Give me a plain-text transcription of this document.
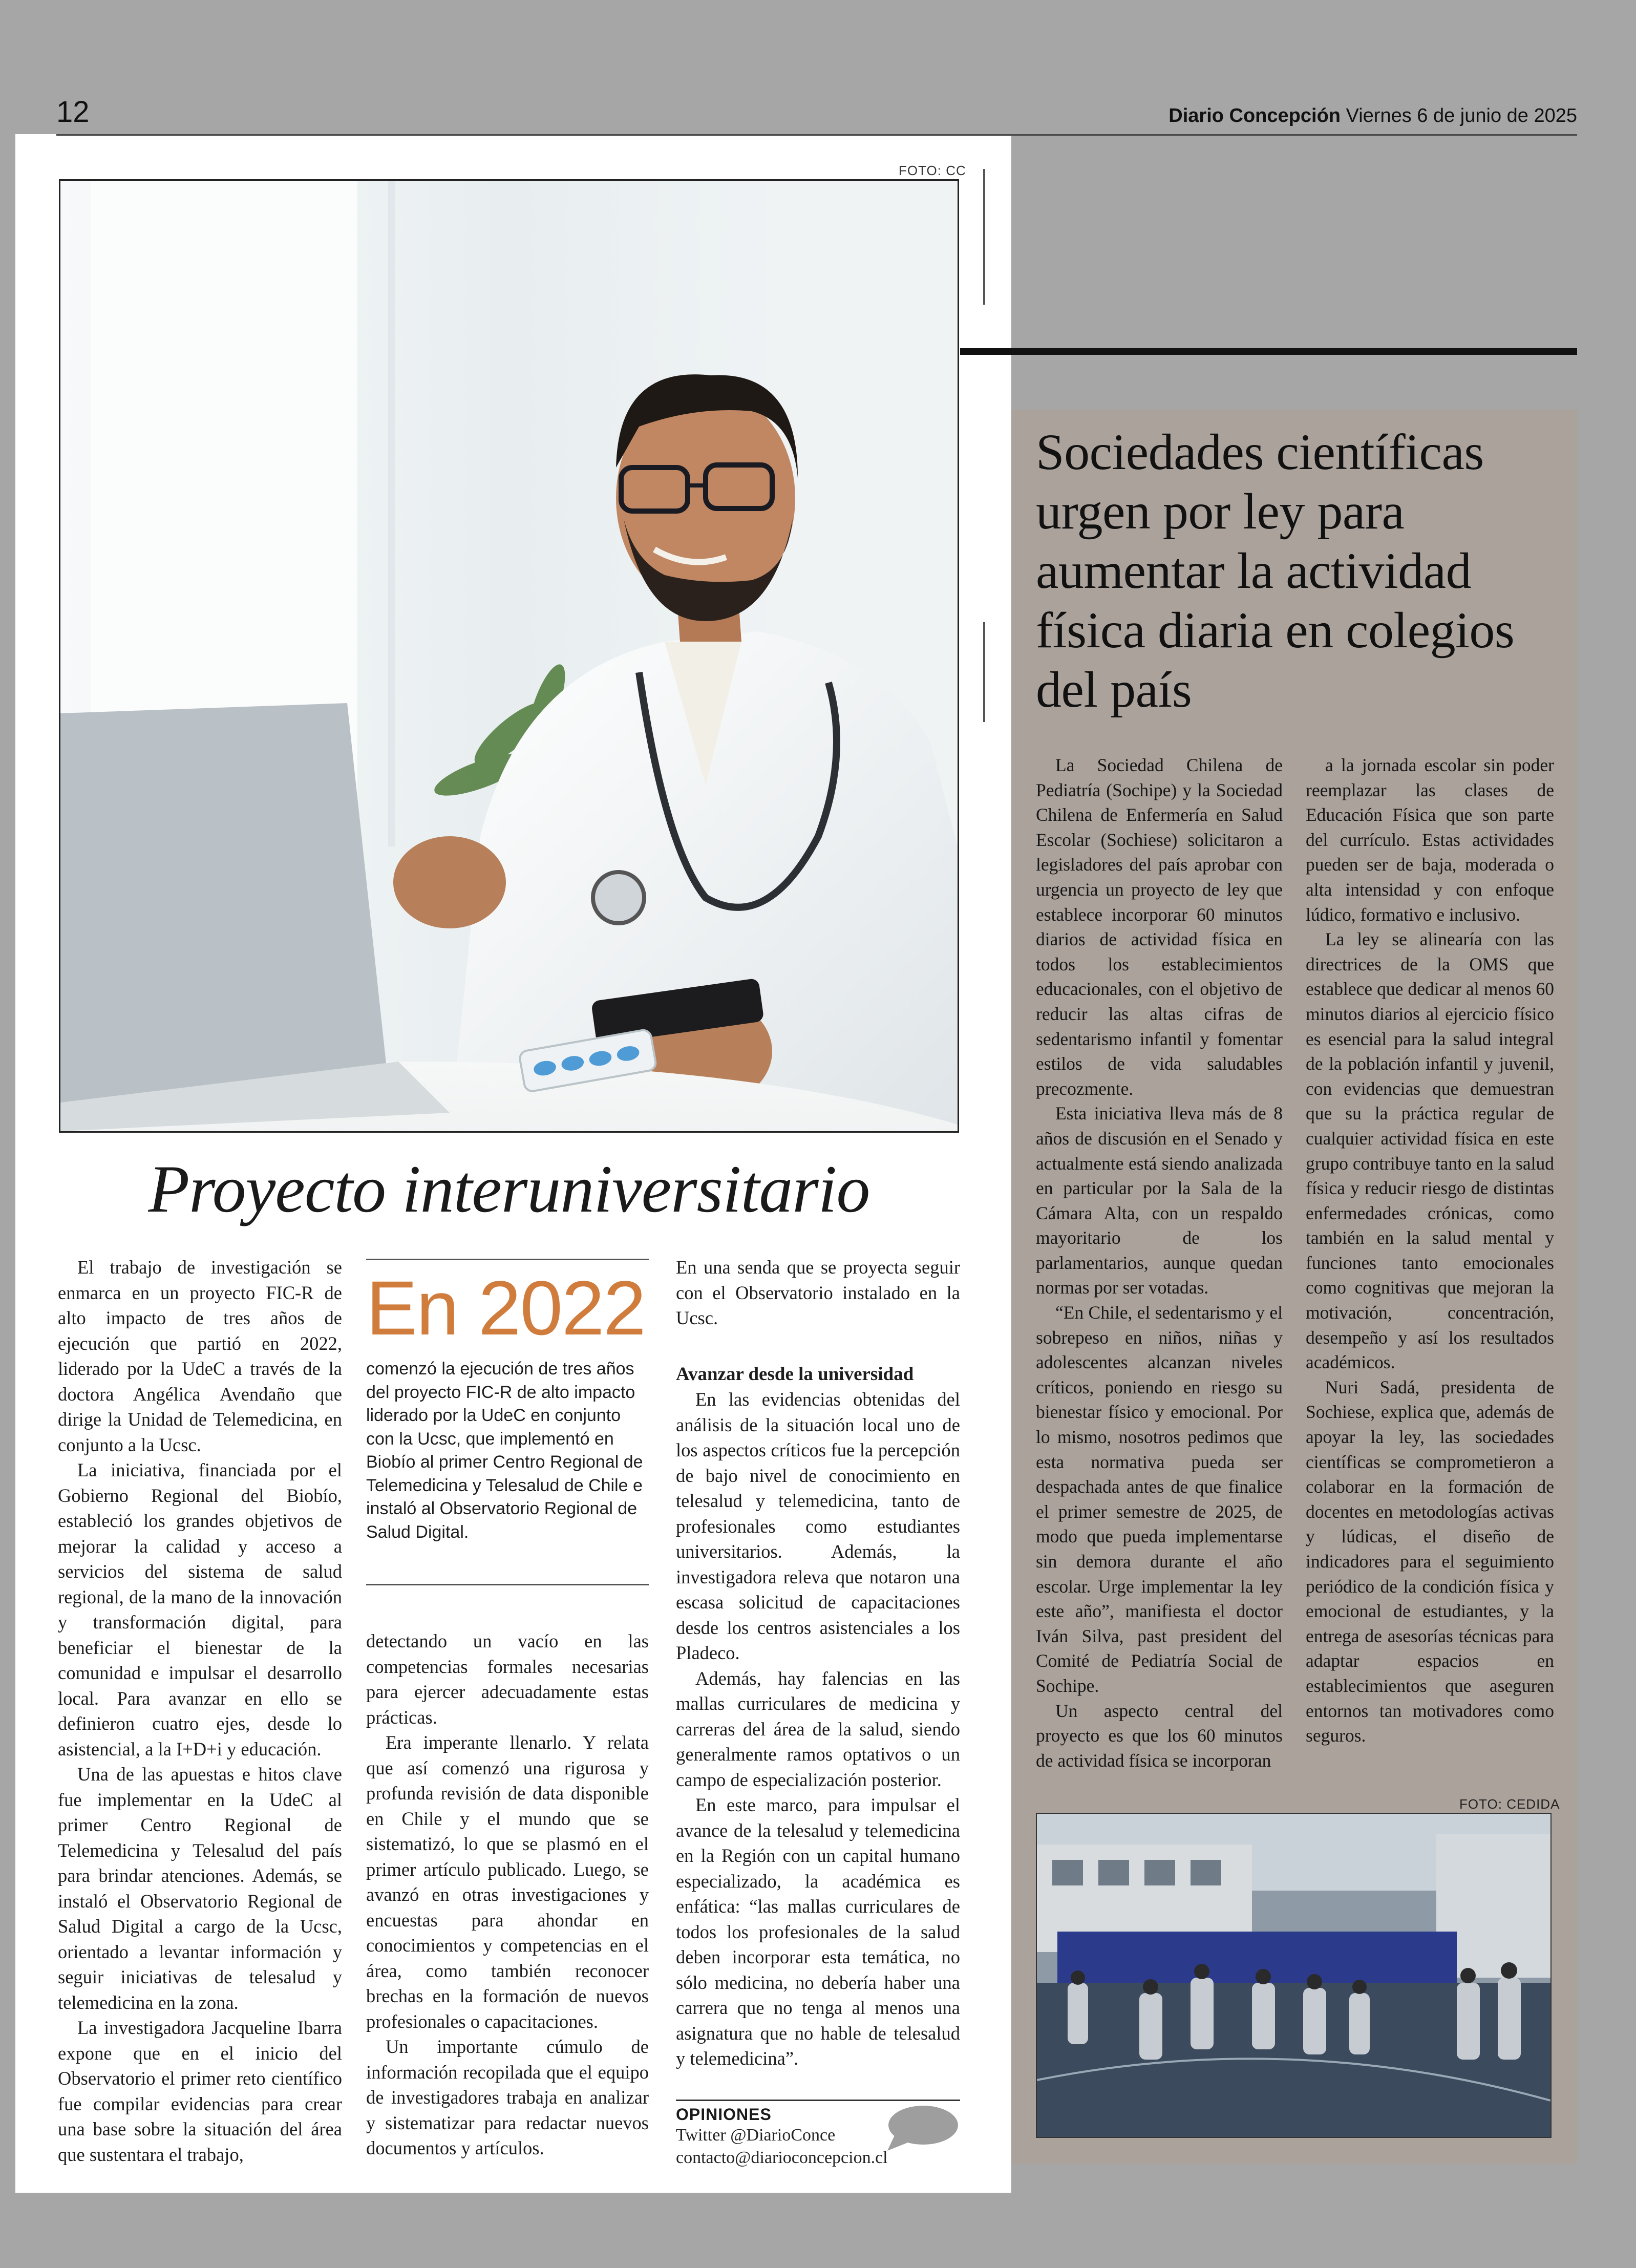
12	Diario Concepción Viernes 6 de junio de 2025
FOTO: CC
Proyecto interuniversitario

El trabajo de investigación se enmarca en un proyecto FIC-R de alto impacto de tres años de ejecución que partió en 2022, liderado por la UdeC a través de la doctora Angélica Avendaño que dirige la Unidad de Telemedicina, en conjunto a la Ucsc.

La iniciativa, financiada por el Gobierno Regional del Biobío, estableció los grandes objetivos de mejorar la calidad y acceso a servicios del sistema de salud regional, de la mano de la innovación y transformación digital, para beneficiar el bienestar de la comunidad e impulsar el desarrollo local. Para avanzar en ello se definieron cuatro ejes, desde lo asistencial, a la I+D+i y educación.

Una de las apuestas e hitos clave fue implementar en la UdeC al primer Centro Regional de Telemedicina y Telesalud del país para brindar atenciones. Además, se instaló el Observatorio Regional de Salud Digital a cargo de la Ucsc, orientado a levantar información y seguir iniciativas de telesalud y telemedicina en la zona.

La investigadora Jacqueline Ibarra expone que en el inicio del Observatorio el primer reto científico fue compilar evidencias para crear una base sobre la situación del área que sustentara el trabajo,

En 2022
comenzó la ejecución de tres años del proyecto FIC-R de alto impacto liderado por la UdeC en conjunto con la Ucsc, que implementó en Biobío al primer Centro Regional de Telemedicina y Telesalud de Chile e instaló al Observatorio Regional de Salud Digital.

detectando un vacío en las competencias formales necesarias para ejercer adecuadamente estas prácticas.

Era imperante llenarlo. Y relata que así comenzó una rigurosa y profunda revisión de data disponible en Chile y el mundo que se sistematizó, lo que se plasmó en el primer artículo publicado. Luego, se avanzó en otras investigaciones y encuestas para ahondar en conocimientos y competencias en el área, como también reconocer brechas en la formación de nuevos profesionales o capacitaciones.

Un importante cúmulo de información recopilada que el equipo de investigadores trabaja en analizar y sistematizar para redactar nuevos documentos y artículos.

En una senda que se proyecta seguir con el Observatorio instalado en la Ucsc.

Avanzar desde la universidad

En las evidencias obtenidas del análisis de la situación local uno de los aspectos críticos fue la percepción de bajo nivel de conocimiento en telesalud y telemedicina, tanto de profesionales como estudiantes universitarios. Además, la investigadora releva que notaron una escasa solicitud de capacitaciones desde los centros asistenciales a los Pladeco.

Además, hay falencias en las mallas curriculares de medicina y carreras del área de la salud, siendo generalmente ramos optativos o un campo de especialización posterior.

En este marco, para impulsar el avance de la telesalud y telemedicina en la Región con un capital humano especializado, la académica es enfática: “las mallas curriculares de todos los profesionales de la salud deben incorporar esta temática, no sólo medicina, no debería haber una carrera que no tenga al menos una asignatura que no hable de telesalud y telemedicina”.

OPINIONES
Twitter @DiarioConce
contacto@diarioconcepcion.cl
Sociedades científicas urgen por ley para aumentar la actividad física diaria en colegios del país

La Sociedad Chilena de Pediatría (Sochipe) y la Sociedad Chilena de Enfermería en Salud Escolar (Sochiese) solicitaron a legisladores del país aprobar con urgencia un proyecto de ley que establece incorporar 60 minutos diarios de actividad física en todos los establecimientos educacionales, con el objetivo de reducir las altas cifras de sedentarismo infantil y fomentar estilos de vida saludables precozmente.

Esta iniciativa lleva más de 8 años de discusión en el Senado y actualmente está siendo analizada en particular por la Sala de la Cámara Alta, con un respaldo mayoritario de los parlamentarios, aunque quedan normas por ser votadas.

“En Chile, el sedentarismo y el sobrepeso en niños, niñas y adolescentes alcanzan niveles críticos, poniendo en riesgo su bienestar físico y emocional. Por lo mismo, nosotros pedimos que esta normativa pueda ser despachada antes de que finalice el primer semestre de 2025, de modo que pueda implementarse sin demora durante el año escolar. Urge implementar la ley este año”, manifiesta el doctor Iván Silva, past president del Comité de Pediatría Social de Sochipe.

Un aspecto central del proyecto es que los 60 minutos de actividad física se incorporan

a la jornada escolar sin poder reemplazar las clases de Educación Física que son parte del currículo. Estas actividades pueden ser de baja, moderada o alta intensidad y con enfoque lúdico, formativo e inclusivo.

La ley se alinearía con las directrices de la OMS que establece que dedicar al menos 60 minutos diarios al ejercicio físico es esencial para la salud integral de la población infantil y juvenil, con evidencias que demuestran que su la práctica regular de cualquier actividad física en este grupo contribuye tanto en la salud física y reducir riesgo de distintas enfermedades crónicas, como también en la salud mental y funciones tanto emocionales como cognitivas que mejoran la motivación, concentración, desempeño y así los resultados académicos.

Nuri Sadá, presidenta de Sochiese, explica que, además de apoyar la ley, las sociedades científicas se comprometieron a colaborar en la formación de docentes en metodologías activas y lúdicas, el diseño de indicadores para el seguimiento periódico de la condición física y emocional de estudiantes, y la entrega de asesorías técnicas para adaptar espacios en establecimientos que aseguren entornos tan motivadores como seguros.

FOTO: CEDIDA
